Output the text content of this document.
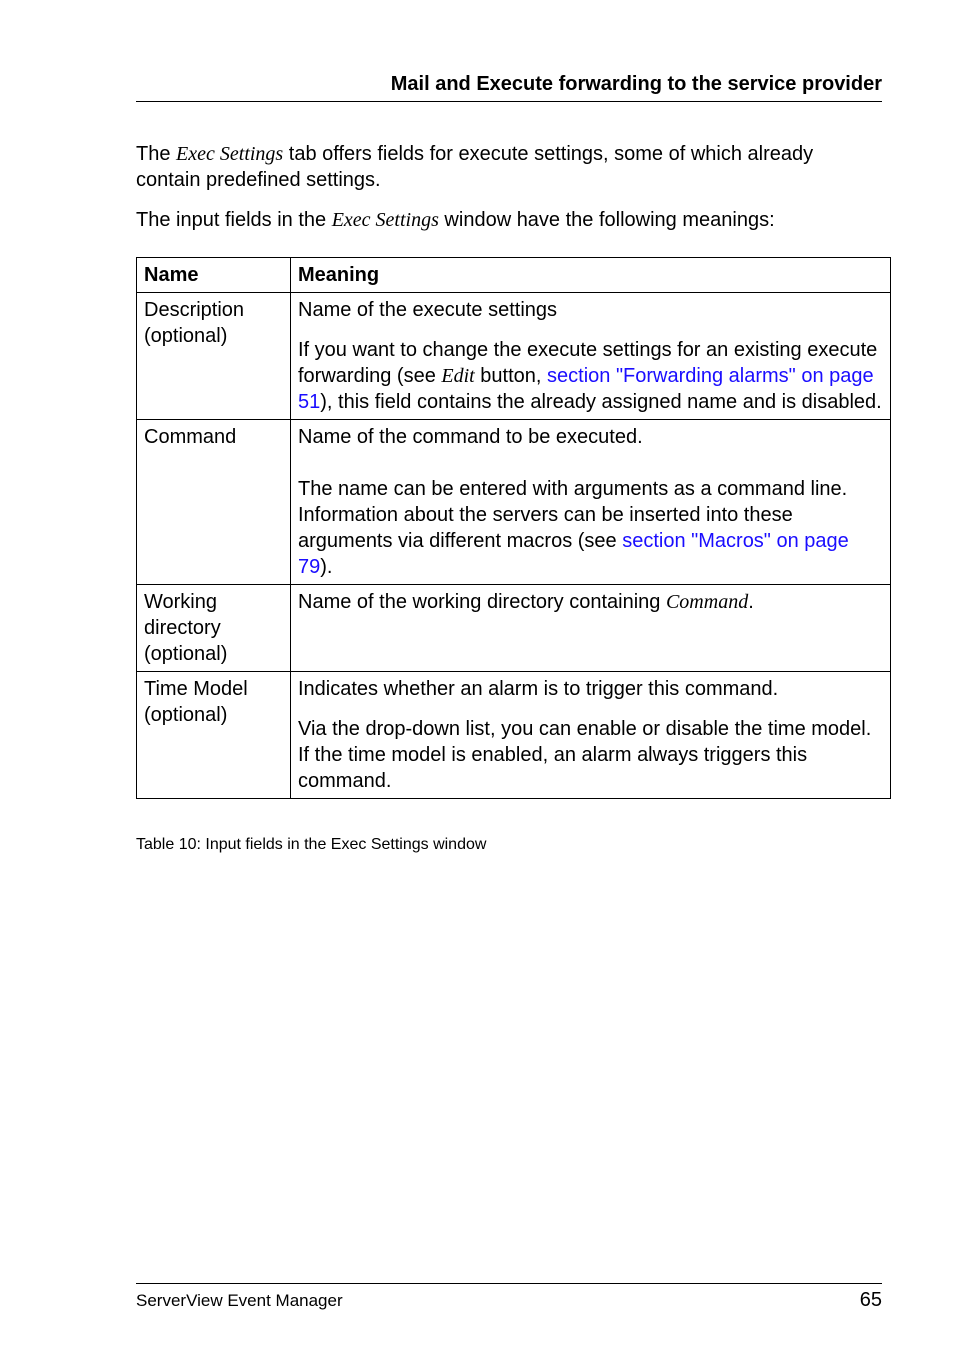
Mail and Execute forwarding to the service provider

The Exec Settings tab offers fields for execute settings, some of which already contain predefined settings.

The input fields in the Exec Settings window have the following meanings:

Name	Meaning
Description (optional)	Name of the execute settings

If you want to change the execute settings for an existing execute forwarding (see Edit button, section "Forwarding alarms" on page 51), this field contains the already assigned name and is disabled.

Command	Name of the command to be executed.

The name can be entered with arguments as a command line. Information about the servers can be inserted into these arguments via different macros (see section "Macros" on page 79).

Working directory (optional)	Name of the working directory containing Command.

Time Model (optional)	Indicates whether an alarm is to trigger this command.

Via the drop-down list, you can enable or disable the time model. If the time model is enabled, an alarm always triggers this command.

Table 10: Input fields in the Exec Settings window
ServerView Event Manager	65
